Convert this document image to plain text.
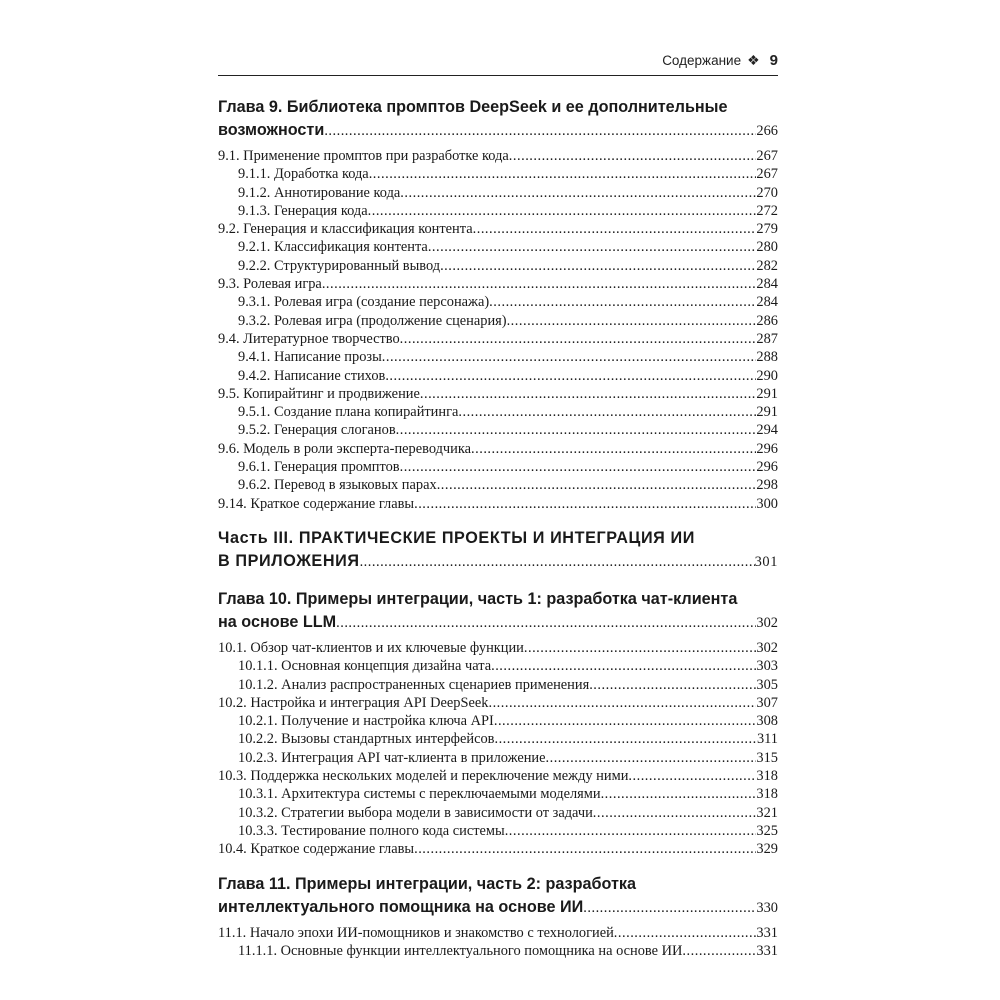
Содержание ❖ 9
Глава 9. Библиотека промптов DeepSeek и ее дополнительные
возможности .....	266
9.1. Применение промптов при разработке кода .....	267
9.1.1. Доработка кода .....	267
9.1.2. Аннотирование кода .....	270
9.1.3. Генерация кода .....	272
9.2. Генерация и классификация контента .....	279
9.2.1. Классификация контента .....	280
9.2.2. Структурированный вывод .....	282
9.3. Ролевая игра .....	284
9.3.1. Ролевая игра (создание персонажа) .....	284
9.3.2. Ролевая игра (продолжение сценария) .....	286
9.4. Литературное творчество .....	287
9.4.1. Написание прозы .....	288
9.4.2. Написание стихов .....	290
9.5. Копирайтинг и продвижение .....	291
9.5.1. Создание плана копирайтинга .....	291
9.5.2. Генерация слоганов .....	294
9.6. Модель в роли эксперта-переводчика .....	296
9.6.1. Генерация промптов .....	296
9.6.2. Перевод в языковых парах .....	298
9.14. Краткое содержание главы .....	300
Часть III. ПРАКТИЧЕСКИЕ ПРОЕКТЫ И ИНТЕГРАЦИЯ ИИ
В ПРИЛОЖЕНИЯ .....	301
Глава 10. Примеры интеграции, часть 1: разработка чат-клиента
на основе LLM .....	302
10.1. Обзор чат-клиентов и их ключевые функции .....	302
10.1.1. Основная концепция дизайна чата .....	303
10.1.2. Анализ распространенных сценариев применения .....	305
10.2. Настройка и интеграция API DeepSeek .....	307
10.2.1. Получение и настройка ключа API .....	308
10.2.2. Вызовы стандартных интерфейсов .....	311
10.2.3. Интеграция API чат-клиента в приложение .....	315
10.3. Поддержка нескольких моделей и переключение между ними .....	318
10.3.1. Архитектура системы с переключаемыми моделями .....	318
10.3.2. Стратегии выбора модели в зависимости от задачи .....	321
10.3.3. Тестирование полного кода системы .....	325
10.4. Краткое содержание главы .....	329
Глава 11. Примеры интеграции, часть 2: разработка
интеллектуального помощника на основе ИИ .....	330
11.1. Начало эпохи ИИ-помощников и знакомство с технологией .....	331
11.1.1. Основные функции интеллектуального помощника на основе ИИ .....	331
